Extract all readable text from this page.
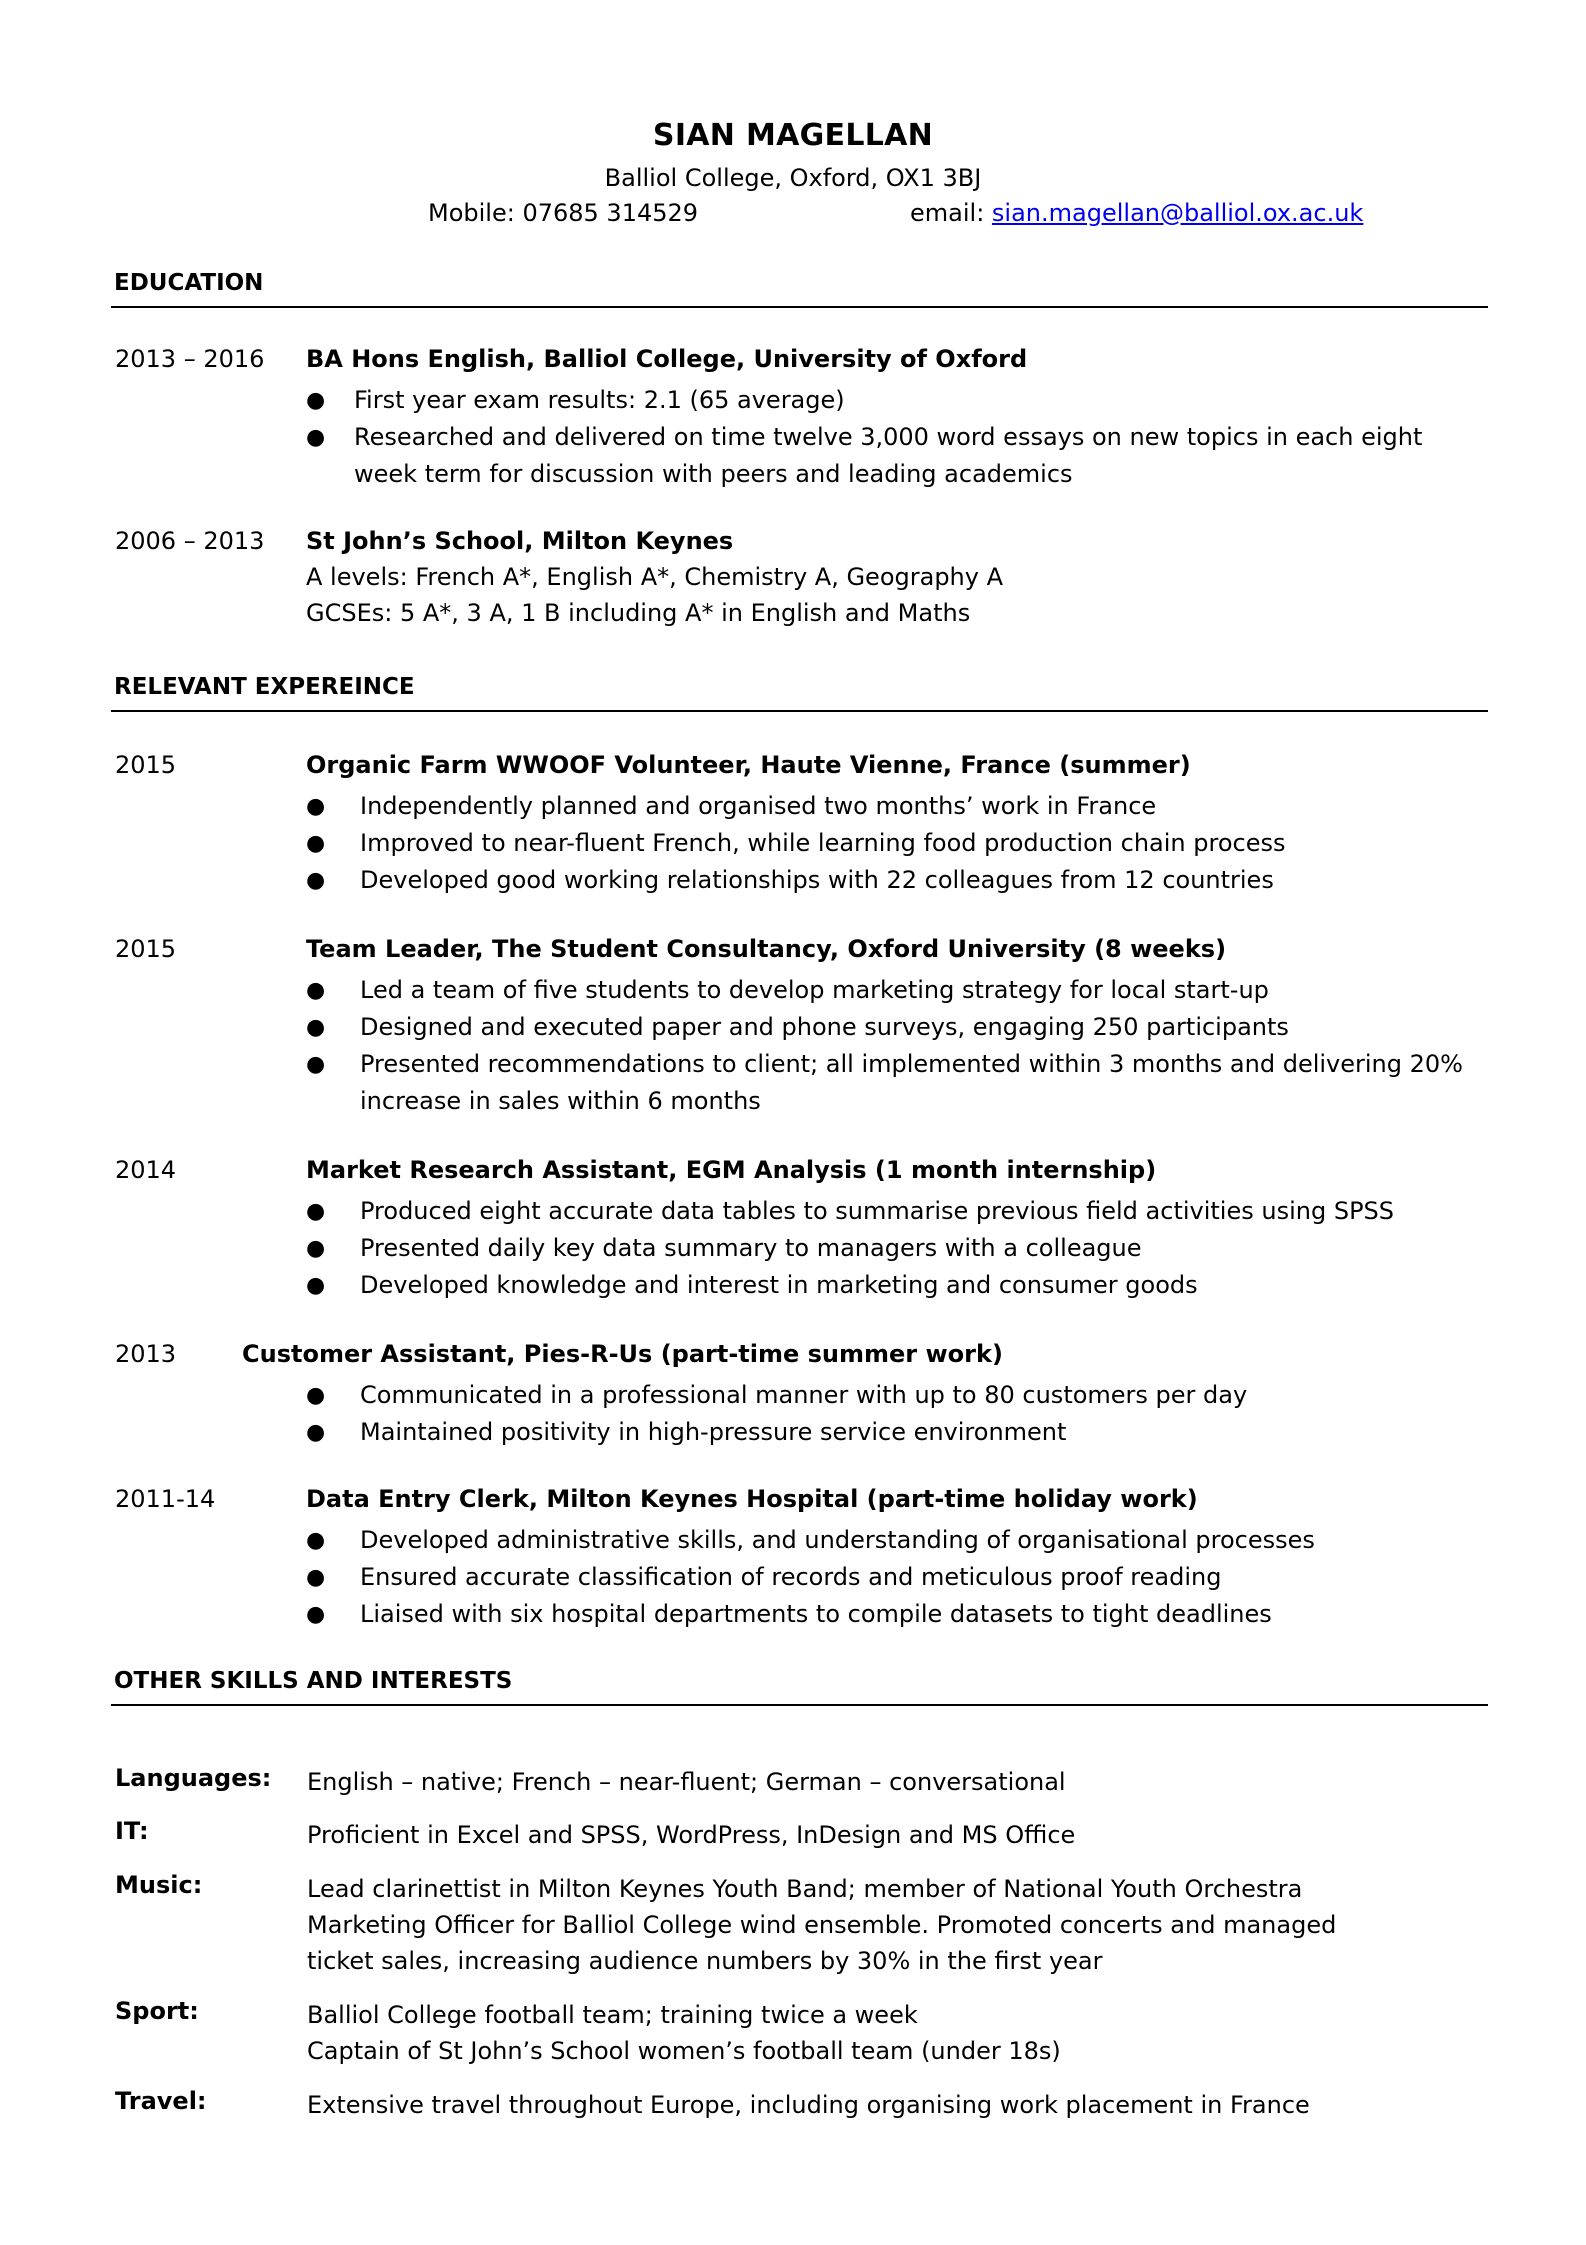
SIAN MAGELLAN
Balliol College, Oxford, OX1 3BJ
Mobile: 07685 314529	email: sian.magellan@balliol.ox.ac.uk
EDUCATION
2013 – 2016 BA Hons English, Balliol College, University of Oxford
● First year exam results: 2.1 (65 average)
● Researched and delivered on time twelve 3,000 word essays on new topics in each eight
week term for discussion with peers and leading academics
2006 – 2013 St John’s School, Milton Keynes
A levels: French A*, English A*, Chemistry A, Geography A
GCSEs: 5 A*, 3 A, 1 B including A* in English and Maths
RELEVANT EXPEREINCE
2015	Organic Farm WWOOF Volunteer, Haute Vienne, France (summer)
● Independently planned and organised two months’ work in France
● Improved to near-fluent French, while learning food production chain process
● Developed good working relationships with 22 colleagues from 12 countries
2015	Team Leader, The Student Consultancy, Oxford University (8 weeks)
● Led a team of five students to develop marketing strategy for local start-up
● Designed and executed paper and phone surveys, engaging 250 participants
● Presented recommendations to client; all implemented within 3 months and delivering 20%
increase in sales within 6 months
2014	Market Research Assistant, EGM Analysis (1 month internship)
● Produced eight accurate data tables to summarise previous field activities using SPSS
● Presented daily key data summary to managers with a colleague
● Developed knowledge and interest in marketing and consumer goods
2013	Customer Assistant, Pies-R-Us (part-time summer work)
● Communicated in a professional manner with up to 80 customers per day
● Maintained positivity in high-pressure service environment
2011-14	Data Entry Clerk, Milton Keynes Hospital (part-time holiday work)
● Developed administrative skills, and understanding of organisational processes
● Ensured accurate classification of records and meticulous proof reading
● Liaised with six hospital departments to compile datasets to tight deadlines
OTHER SKILLS AND INTERESTS
Languages: English – native; French – near-fluent; German – conversational
IT:	Proficient in Excel and SPSS, WordPress, InDesign and MS Office
Music:	Lead clarinettist in Milton Keynes Youth Band; member of National Youth Orchestra
Marketing Officer for Balliol College wind ensemble. Promoted concerts and managed
ticket sales, increasing audience numbers by 30% in the first year
Sport:	Balliol College football team; training twice a week
Captain of St John’s School women’s football team (under 18s)
Travel:	Extensive travel throughout Europe, including organising work placement in France
